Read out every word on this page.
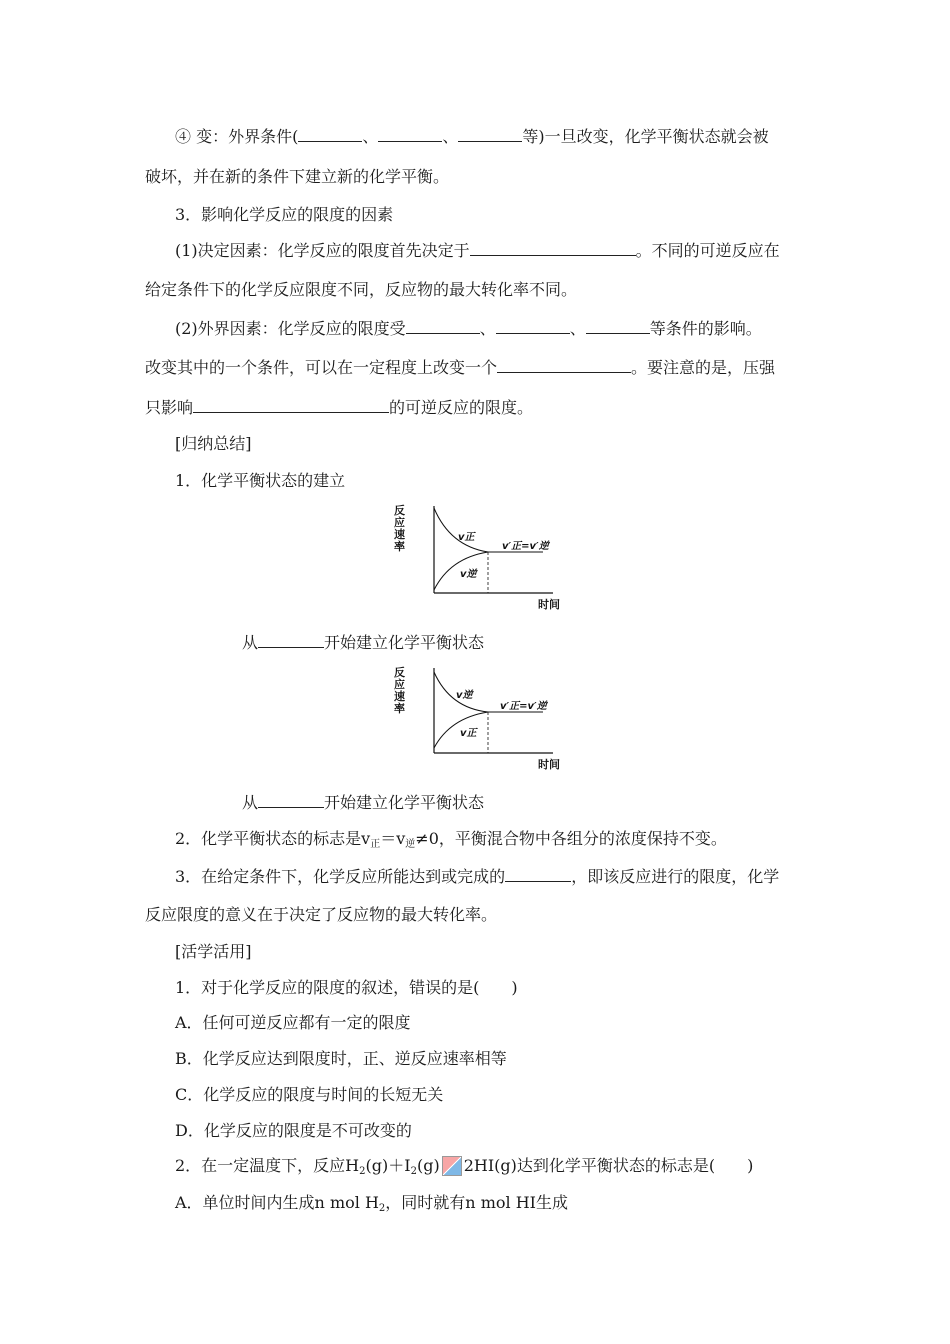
④ 变：外界条件(	、	、	等)一旦改变，化学平衡状态就会被
破坏，并在新的条件下建立新的化学平衡。
3．影响化学反应的限度的因素
(1)决定因素：化学反应的限度首先决定于	。不同的可逆反应在
给定条件下的化学反应限度不同，反应物的最大转化率不同。
(2)外界因素：化学反应的限度受	、	、	等条件的影响。
改变其中的一个条件，可以在一定程度上改变一个	。要注意的是，压强
只影响	的可逆反应的限度。
[归纳总结]
1．化学平衡状态的建立
反
应
速
率
v正
v逆
v′正=v′逆
时间
从	开始建立化学平衡状态
反
应
速
率
v逆
v正
v′正=v′逆
时间
从	开始建立化学平衡状态
2．化学平衡状态的标志是$v_正=v_逆\ne 0$，平衡混合物中各组分的浓度保持不变。
3．在给定条件下，化学反应所能达到或完成的	，即该反应进行的限度，化学
反应限度的意义在于决定了反应物的最大转化率。
[活学活用]
1．对于化学反应的限度的叙述，错误的是(　　)
A．任何可逆反应都有一定的限度
B．化学反应达到限度时，正、逆反应速率相等
C．化学反应的限度与时间的长短无关
D．化学反应的限度是不可改变的
2．在一定温度下，反应$H_2(g)+I_2(g)$ 2HI(g)达到化学平衡状态的标志是(　　)
A．单位时间内生成n mol $H_2$，同时就有n mol HI生成
